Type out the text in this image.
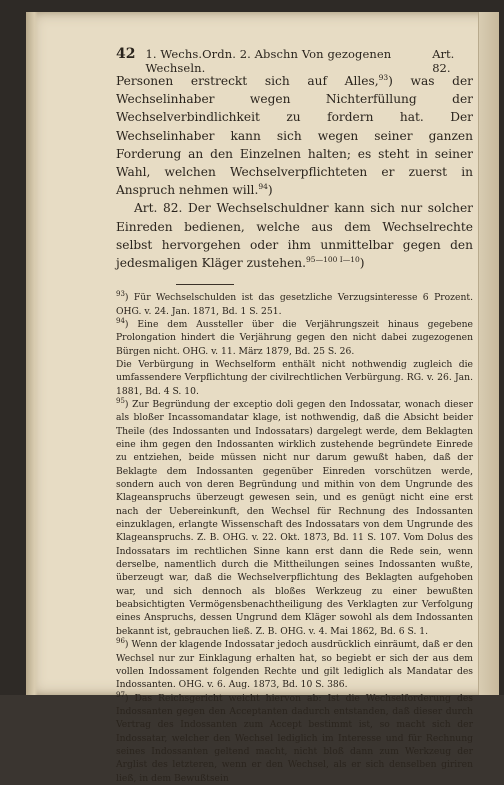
42 1. Wechs.Ordn. 2. Abschn Von gezogenen Wechseln.
Art. 82.

Personen erstreckt sich auf Alles,$^{93}$) was der Wechselinhaber wegen Nichterfüllung der Wechselverbindlichkeit zu fordern hat. Der Wechselinhaber kann sich wegen seiner ganzen Forderung an den Einzelnen halten; es steht in seiner Wahl, welchen Wechselverpflichteten er zuerst in Anspruch nehmen will.$^{94}$)

Art. 82. Der Wechselschuldner kann sich nur solcher Einreden bedienen, welche aus dem Wechselrechte selbst hervorgehen oder ihm unmittelbar gegen den jedesmaligen Kläger zustehen.$^{95—100 I—10}$)

$^{93}$) Für Wechselschulden ist das gesetzliche Verzugsinteresse 6 Prozent. OHG. v. 24. Jan. 1871, Bd. 1 S. 251.

$^{94}$) Eine dem Aussteller über die Verjährungszeit hinaus gegebene Prolongation hindert die Verjährung gegen den nicht dabei zugezogenen Bürgen nicht. OHG. v. 11. März 1879, Bd. 25 S. 26.

Die Verbürgung in Wechselform enthält nicht nothwendig zugleich die umfassendere Verpflichtung der civilrechtlichen Verbürgung. RG. v. 26. Jan. 1881, Bd. 4 S. 10.

$^{95}$) Zur Begründung der exceptio doli gegen den Indossatar, wonach dieser als bloßer Incassomandatar klage, ist nothwendig, daß die Absicht beider Theile (des Indossanten und Indossatars) dargelegt werde, dem Beklagten eine ihm gegen den Indossanten wirklich zustehende begründete Einrede zu entziehen, beide müssen nicht nur darum gewußt haben, daß der Beklagte dem Indossanten gegenüber Einreden vorschützen werde, sondern auch von deren Begründung und mithin von dem Ungrunde des Klageanspruchs überzeugt gewesen sein, und es genügt nicht eine erst nach der Uebereinkunft, den Wechsel für Rechnung des Indossanten einzuklagen, erlangte Wissenschaft des Indossatars von dem Ungrunde des Klageanspruchs. Z. B. OHG. v. 22. Okt. 1873, Bd. 11 S. 107. Vom Dolus des Indossatars im rechtlichen Sinne kann erst dann die Rede sein, wenn derselbe, namentlich durch die Mittheilungen seines Indossanten wußte, überzeugt war, daß die Wechselverpflichtung des Beklagten aufgehoben war, und sich dennoch als bloßes Werkzeug zu einer bewußten beabsichtigten Vermögensbenachtheiligung des Verklagten zur Verfolgung eines Anspruchs, dessen Ungrund dem Kläger sowohl als dem Indossanten bekannt ist, gebrauchen ließ. Z. B. OHG. v. 4. Mai 1862, Bd. 6 S. 1.

$^{96}$) Wenn der klagende Indossatar jedoch ausdrücklich einräumt, daß er den Wechsel nur zur Einklagung erhalten hat, so begiebt er sich der aus dem vollen Indossament folgenden Rechte und gilt lediglich als Mandatar des Indossanten. OHG. v. 6. Aug. 1873, Bd. 10 S. 386.

$^{97}$) Das Reichsgericht weicht hiervon ab: Ist die Wechselforderung des Indossanten gegen den Acceptanten dadurch entstanden, daß dieser durch Vertrag des Indossanten zum Accept bestimmt ist, so macht sich der Indossatar, welcher den Wechsel lediglich im Interesse und für Rechnung seines Indossanten geltend macht, nicht bloß dann zum Werkzeug der Arglist des letzteren, wenn er den Wechsel, als er sich denselben giriren ließ, in dem Bewußtsein
